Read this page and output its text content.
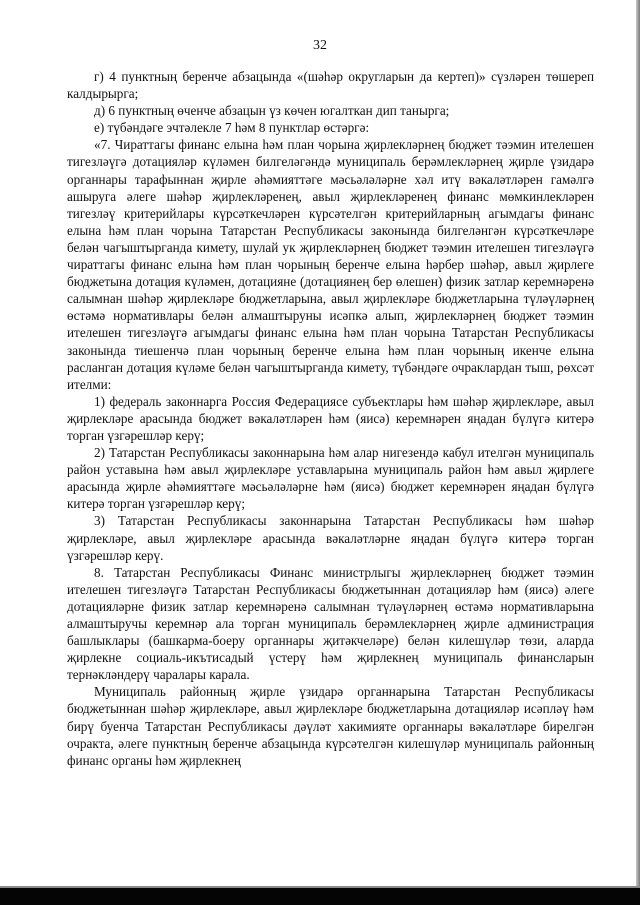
32

г) 4 пунктның беренче абзацында «(шәһәр округларын да кертеп)» сүзләрен төшереп калдырырга;

д) 6 пунктның өченче абзацын үз көчен югалткан дип танырга;

е) түбәндәге эчтәлекле 7 һәм 8 пунктлар өстәргә:

«7. Чираттагы финанс елына һәм план чорына җирлекләрнең бюджет тәэмин ителешен тигезләүгә дотацияләр күләмен билгеләгәндә муниципаль берәмлекләрнең җирле үзидарә органнары тарафыннан җирле әһәмияттәге мәсьәләләрне хәл итү вәкаләтләрен гамәлгә ашыруга әлеге шәһәр җирлекләренең, авыл җирлекләренең финанс мөмкинлекләрен тигезләү критерийлары күрсәткечләрен күрсәтелгән критерийларның агымдагы финанс елына һәм план чорына Татарстан Республикасы законында билгеләнгән күрсәткечләре белән чагыштырганда кимету, шулай ук җирлекләрнең бюджет тәэмин ителешен тигезләүгә чираттагы финанс елына һәм план чорының беренче елына һәрбер шәһәр, авыл җирлеге бюджетына дотация күләмен, дотацияне (дотациянең бер өлешен) физик затлар керемнәренә салымнан шәһәр җирлекләре бюджетларына, авыл җирлекләре бюджетларына түләүләрнең өстәмә нормативлары белән алмаштыруны исәпкә алып, җирлекләрнең бюджет тәэмин ителешен тигезләүгә агымдагы финанс елына һәм план чорына Татарстан Республикасы законында тиешенчә план чорының беренче елына һәм план чорының икенче елына расланган дотация күләме белән чагыштырганда кимету, түбәндәге очраклардан тыш, рөхсәт ителми:

1) федераль законнарга Россия Федерациясе субъектлары һәм шәһәр җирлекләре, авыл җирлекләре арасында бюджет вәкаләтләрен һәм (яисә) керемнәрен яңадан бүлүгә китерә торган үзгәрешләр керү;

2) Татарстан Республикасы законнарына һәм алар нигезендә кабул ителгән муниципаль район уставына һәм авыл җирлекләре уставларына муниципаль район һәм авыл җирлеге арасында җирле әһәмияттәге мәсьәләләрне һәм (яисә) бюджет керемнәрен яңадан бүлүгә китерә торган үзгәрешләр керү;

3) Татарстан Республикасы законнарына Татарстан Республикасы һәм шәһәр җирлекләре, авыл җирлекләре арасында вәкаләтләрне яңадан бүлүгә китерә торган үзгәрешләр керү.

8. Татарстан Республикасы Финанс министрлыгы җирлекләрнең бюджет тәэмин ителешен тигезләүгә Татарстан Республикасы бюджетыннан дотацияләр һәм (яисә) әлеге дотацияләрне физик затлар керемнәренә салымнан түләүләрнең өстәмә нормативларына алмаштыручы керемнәр ала торган муниципаль берәмлекләрнең җирле администрация башлыклары (башкарма-боеру органнары җитәкчеләре) белән килешүләр төзи, аларда җирлекне социаль-икътисадый үстерү һәм җирлекнең муниципаль финансларын тернәкләндерү чаралары карала.

Муниципаль районның җирле үзидарә органнарына Татарстан Республикасы бюджетыннан шәһәр җирлекләре, авыл җирлекләре бюджетларына дотацияләр исәпләү һәм бирү буенча Татарстан Республикасы дәүләт хакимияте органнары вәкаләтләре бирелгән очракта, әлеге пунктның беренче абзацында күрсәтелгән килешүләр муниципаль районның финанс органы һәм җирлекнең
